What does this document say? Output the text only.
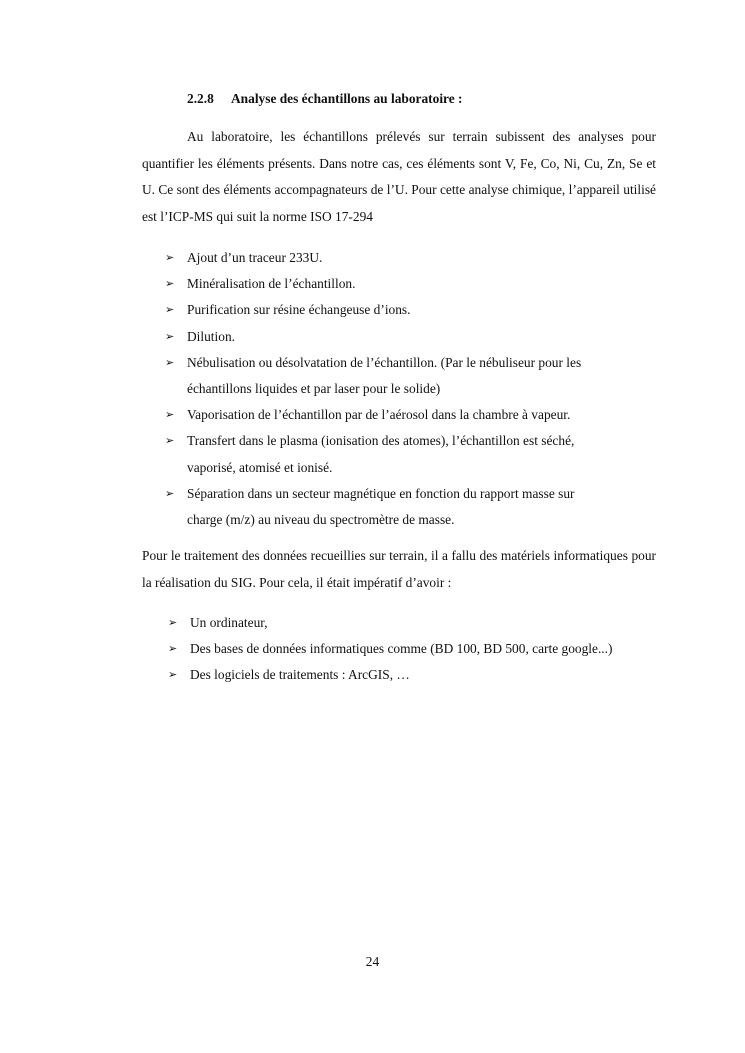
2.2.8 Analyse des échantillons au laboratoire :

Au laboratoire, les échantillons prélevés sur terrain subissent des analyses pour quantifier les éléments présents. Dans notre cas, ces éléments sont V, Fe, Co, Ni, Cu, Zn, Se et U. Ce sont des éléments accompagnateurs de l’U. Pour cette analyse chimique, l’appareil utilisé est l’ICP-MS qui suit la norme ISO 17-294

➢ Ajout d’un traceur 233U.
➢ Minéralisation de l’échantillon.
➢ Purification sur résine échangeuse d’ions.
➢ Dilution.
➢ Nébulisation ou désolvatation de l’échantillon. (Par le nébuliseur pour les
échantillons liquides et par laser pour le solide)
➢ Vaporisation de l’échantillon par de l’aérosol dans la chambre à vapeur.
➢ Transfert dans le plasma (ionisation des atomes), l’échantillon est séché,
vaporisé, atomisé et ionisé.
➢ Séparation dans un secteur magnétique en fonction du rapport masse sur
charge (m/z) au niveau du spectromètre de masse.

Pour le traitement des données recueillies sur terrain, il a fallu des matériels informatiques pour la réalisation du SIG. Pour cela, il était impératif d’avoir :

➢ Un ordinateur,
➢ Des bases de données informatiques comme (BD 100, BD 500, carte google...)
➢ Des logiciels de traitements : ArcGIS, …
24
